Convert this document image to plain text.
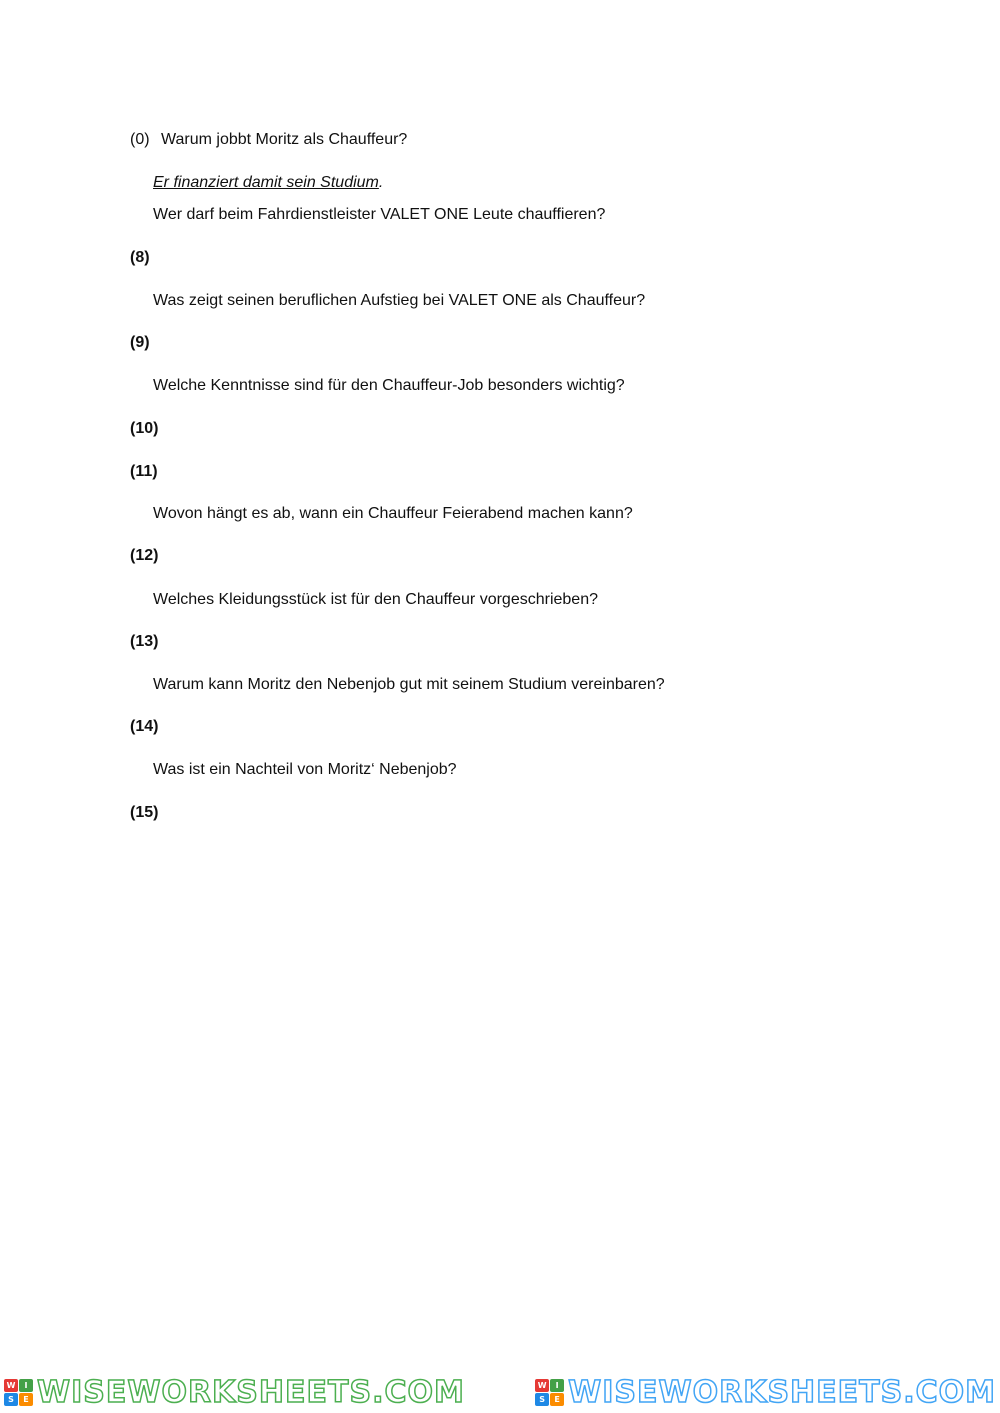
(0) Warum jobbt Moritz als Chauffeur?
Er finanziert damit sein Studium.
Wer darf beim Fahrdienstleister VALET ONE Leute chauffieren?
(8)
Was zeigt seinen beruflichen Aufstieg bei VALET ONE als Chauffeur?
(9)
Welche Kenntnisse sind für den Chauffeur-Job besonders wichtig?
(10)
(11)
Wovon hängt es ab, wann ein Chauffeur Feierabend machen kann?
(12)
Welches Kleidungsstück ist für den Chauffeur vorgeschrieben?
(13)
Warum kann Moritz den Nebenjob gut mit seinem Studium vereinbaren?
(14)
Was ist ein Nachteil von Moritz‘ Nebenjob?
(15)
W	I
S	E WISEWORKSHEETS.COM	W	I
S	E WISEWORKSHEETS.COM
